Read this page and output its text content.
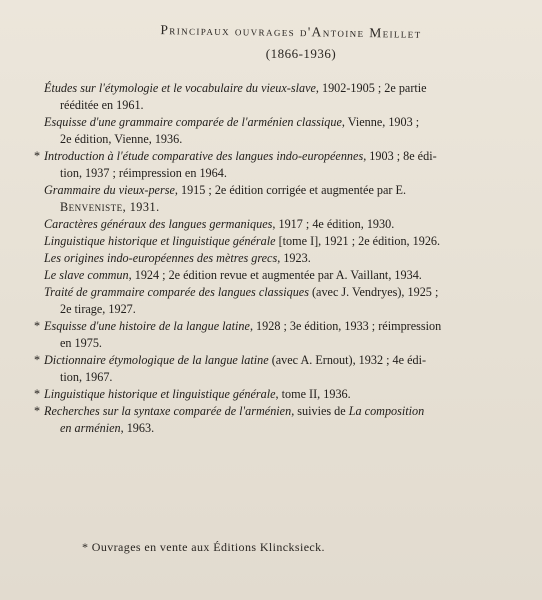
Principaux ouvrages d'Antoine Meillet
(1866-1936)
Études sur l'étymologie et le vocabulaire du vieux-slave, 1902-1905 ; 2e partie
rééditée en 1961.
Esquisse d'une grammaire comparée de l'arménien classique, Vienne, 1903 ;
2e édition, Vienne, 1936.
* Introduction à l'étude comparative des langues indo-européennes, 1903 ; 8e édi-
tion, 1937 ; réimpression en 1964.
Grammaire du vieux-perse, 1915 ; 2e édition corrigée et augmentée par E.
Benveniste, 1931.
Caractères généraux des langues germaniques, 1917 ; 4e édition, 1930.
Linguistique historique et linguistique générale [tome I], 1921 ; 2e édition, 1926.
Les origines indo-européennes des mètres grecs, 1923.
Le slave commun, 1924 ; 2e édition revue et augmentée par A. Vaillant, 1934.
Traité de grammaire comparée des langues classiques (avec J. Vendryes), 1925 ;
2e tirage, 1927.
* Esquisse d'une histoire de la langue latine, 1928 ; 3e édition, 1933 ; réimpression
en 1975.
* Dictionnaire étymologique de la langue latine (avec A. Ernout), 1932 ; 4e édi-
tion, 1967.
* Linguistique historique et linguistique générale, tome II, 1936.
* Recherches sur la syntaxe comparée de l'arménien, suivies de La composition
en arménien, 1963.
* Ouvrages en vente aux Éditions Klincksieck.
